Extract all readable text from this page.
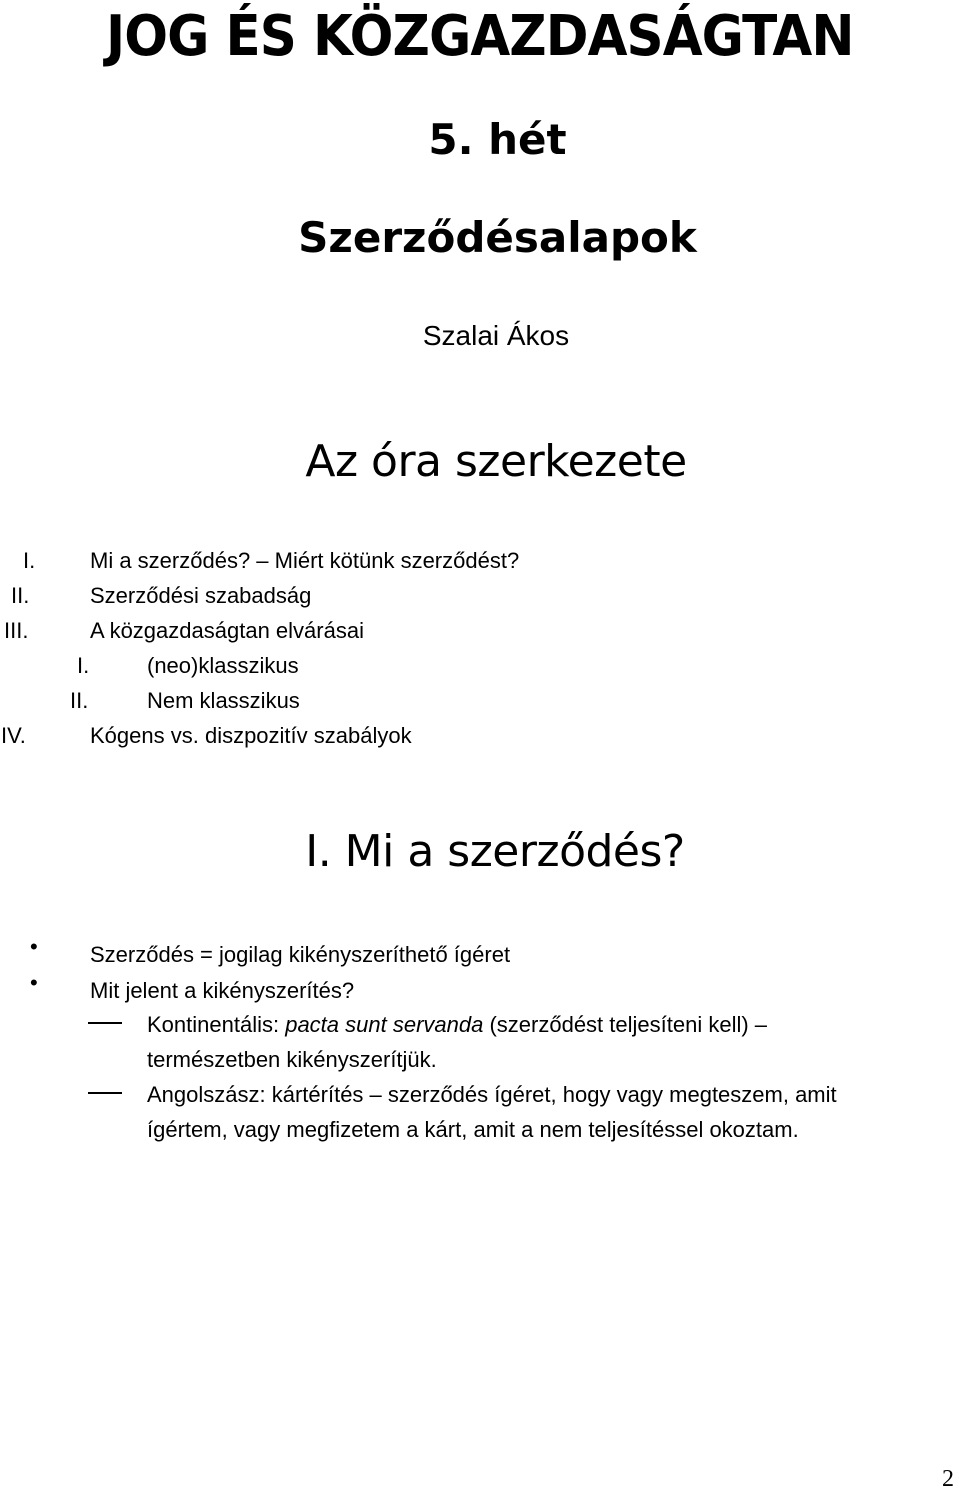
JOG ÉS KÖZGAZDASÁGTAN
5. hét
Szerződésalapok
Szalai Ákos
Az óra szerkezete
I. Mi a szerződés? – Miért kötünk szerződést?
II.	Szerződési szabadság
III.	A közgazdaságtan elvárásai
I.	(neo)klasszikus
II.	Nem klasszikus
IV.	Kógens vs. diszpozitív szabályok
I. Mi a szerződés?
• Szerződés = jogilag kikényszeríthető ígéret
• Mit jelent a kikényszerítés?
Kontinentális: pacta sunt servanda (szerződést teljesíteni kell) –
természetben kikényszerítjük.
Angolszász: kártérítés – szerződés ígéret, hogy vagy megteszem, amit
ígértem, vagy megfizetem a kárt, amit a nem teljesítéssel okoztam.
2
